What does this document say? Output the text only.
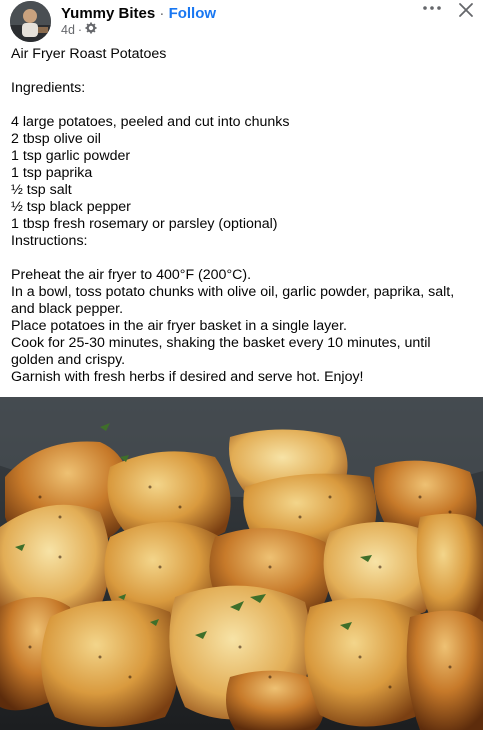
Yummy Bites · Follow
4d ·

Air Fryer Roast Potatoes

Ingredients:

4 large potatoes, peeled and cut into chunks

2 tbsp olive oil

1 tsp garlic powder

1 tsp paprika

½ tsp salt

½ tsp black pepper

1 tbsp fresh rosemary or parsley (optional)

Instructions:

Preheat the air fryer to 400°F (200°C).

In a bowl, toss potato chunks with olive oil, garlic powder, paprika, salt, and black pepper.

Place potatoes in the air fryer basket in a single layer.

Cook for 25-30 minutes, shaking the basket every 10 minutes, until golden and crispy.

Garnish with fresh herbs if desired and serve hot. Enjoy!
